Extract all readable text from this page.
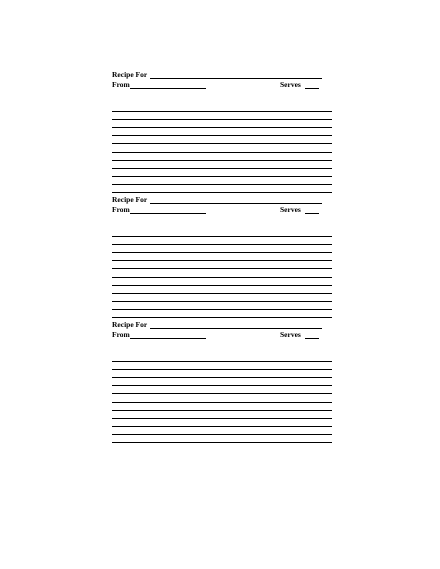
Recipe For
From	Serves
Recipe For
From	Serves
Recipe For
From	Serves
